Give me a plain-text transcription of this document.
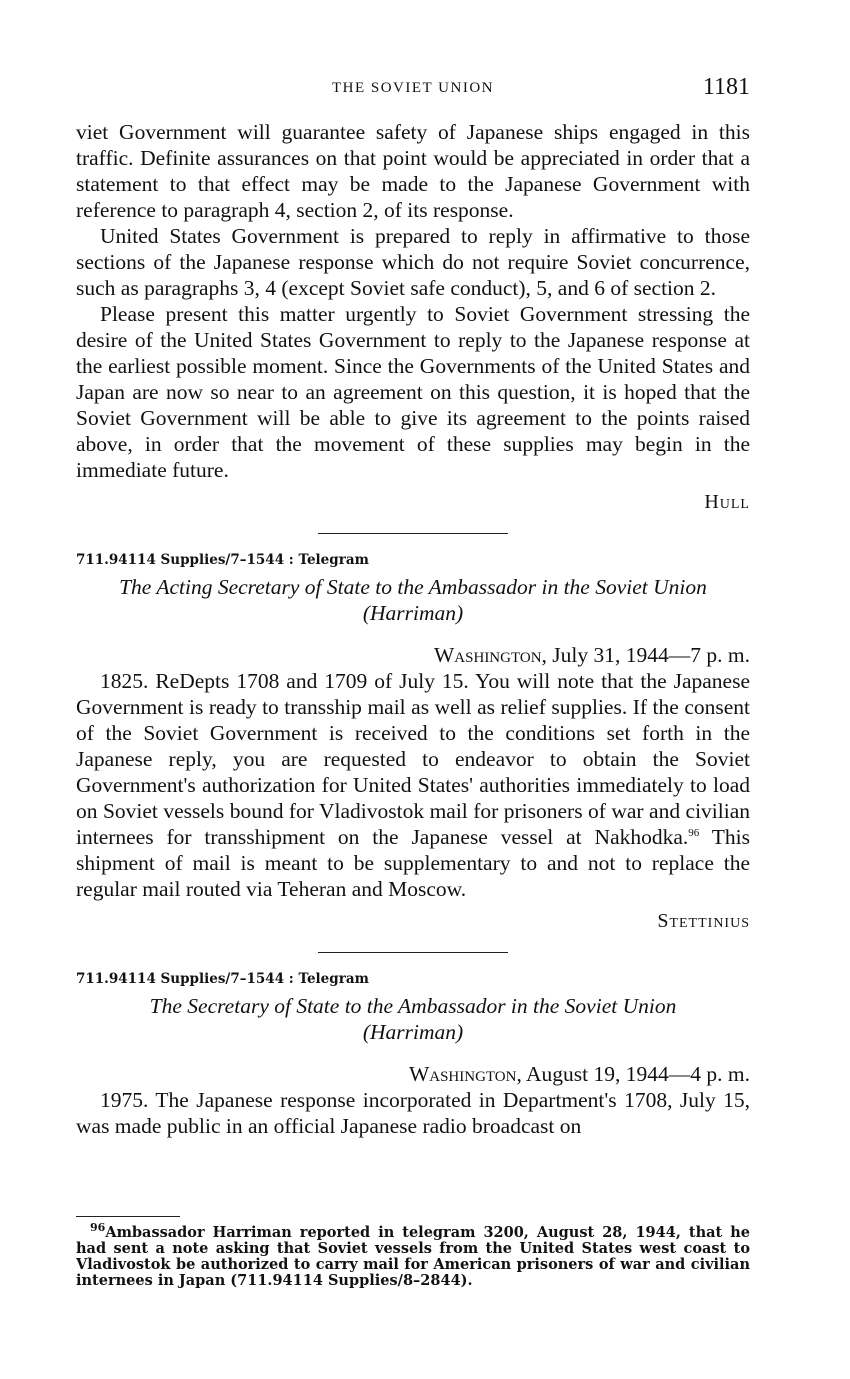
THE SOVIET UNION	1181

viet Government will guarantee safety of Japanese ships engaged in this traffic. Definite assurances on that point would be appreciated in order that a statement to that effect may be made to the Japanese Government with reference to paragraph 4, section 2, of its response.

United States Government is prepared to reply in affirmative to those sections of the Japanese response which do not require Soviet concurrence, such as paragraphs 3, 4 (except Soviet safe conduct), 5, and 6 of section 2.

Please present this matter urgently to Soviet Government stressing the desire of the United States Government to reply to the Japanese response at the earliest possible moment. Since the Governments of the United States and Japan are now so near to an agreement on this question, it is hoped that the Soviet Government will be able to give its agreement to the points raised above, in order that the movement of these supplies may begin in the immediate future.

Hull

711.94114 Supplies/7–1544 : Telegram

The Acting Secretary of State to the Ambassador in the Soviet Union
(Harriman)

Washington, July 31, 1944—7 p. m.

1825. ReDepts 1708 and 1709 of July 15. You will note that the Japanese Government is ready to transship mail as well as relief supplies. If the consent of the Soviet Government is received to the conditions set forth in the Japanese reply, you are requested to endeavor to obtain the Soviet Government's authorization for United States' authorities immediately to load on Soviet vessels bound for Vladivostok mail for prisoners of war and civilian internees for transshipment on the Japanese vessel at Nakhodka.$^{96}$ This shipment of mail is meant to be supplementary to and not to replace the regular mail routed via Teheran and Moscow.

Stettinius

711.94114 Supplies/7–1544 : Telegram

The Secretary of State to the Ambassador in the Soviet Union
(Harriman)

Washington, August 19, 1944—4 p. m.

1975. The Japanese response incorporated in Department's 1708, July 15, was made public in an official Japanese radio broadcast on

$^{96}$Ambassador Harriman reported in telegram 3200, August 28, 1944, that he had sent a note asking that Soviet vessels from the United States west coast to Vladivostok be authorized to carry mail for American prisoners of war and civilian internees in Japan (711.94114 Supplies/8–2844).
